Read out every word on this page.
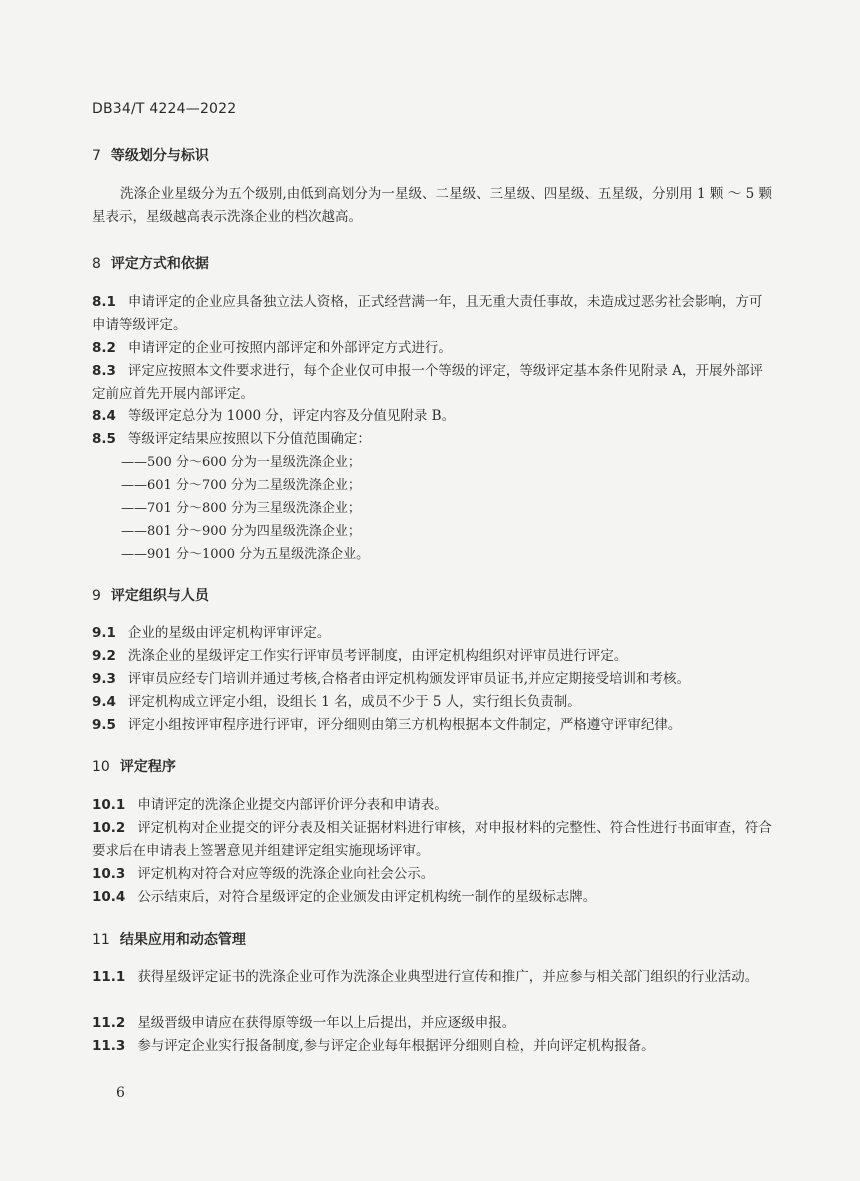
DB34/T 4224—2022
7 等级划分与标识
洗涤企业星级分为五个级别,由低到高划分为一星级、二星级、三星级、四星级、五星级，分别用 1 颗 ～ 5 颗星表示，星级越高表示洗涤企业的档次越高。
8 评定方式和依据
8.1 申请评定的企业应具备独立法人资格，正式经营满一年，且无重大责任事故，未造成过恶劣社会影响，方可申请等级评定。
8.2 申请评定的企业可按照内部评定和外部评定方式进行。
8.3 评定应按照本文件要求进行，每个企业仅可申报一个等级的评定，等级评定基本条件见附录 A，开展外部评定前应首先开展内部评定。
8.4 等级评定总分为 1000 分，评定内容及分值见附录 B。
8.5 等级评定结果应按照以下分值范围确定：
——500 分～600 分为一星级洗涤企业；
——601 分～700 分为二星级洗涤企业；
——701 分～800 分为三星级洗涤企业；
——801 分～900 分为四星级洗涤企业；
——901 分～1000 分为五星级洗涤企业。
9 评定组织与人员
9.1 企业的星级由评定机构评审评定。
9.2 洗涤企业的星级评定工作实行评审员考评制度，由评定机构组织对评审员进行评定。
9.3 评审员应经专门培训并通过考核,合格者由评定机构颁发评审员证书,并应定期接受培训和考核。
9.4 评定机构成立评定小组，设组长 1 名，成员不少于 5 人，实行组长负责制。
9.5 评定小组按评审程序进行评审，评分细则由第三方机构根据本文件制定，严格遵守评审纪律。
10 评定程序
10.1 申请评定的洗涤企业提交内部评价评分表和申请表。
10.2 评定机构对企业提交的评分表及相关证据材料进行审核，对申报材料的完整性、符合性进行书面审查，符合要求后在申请表上签署意见并组建评定组实施现场评审。
10.3 评定机构对符合对应等级的洗涤企业向社会公示。
10.4 公示结束后，对符合星级评定的企业颁发由评定机构统一制作的星级标志牌。
11 结果应用和动态管理
11.1 获得星级评定证书的洗涤企业可作为洗涤企业典型进行宣传和推广，并应参与相关部门组织的行业活动。
11.2 星级晋级申请应在获得原等级一年以上后提出，并应逐级申报。
11.3 参与评定企业实行报备制度,参与评定企业每年根据评分细则自检，并向评定机构报备。
6
